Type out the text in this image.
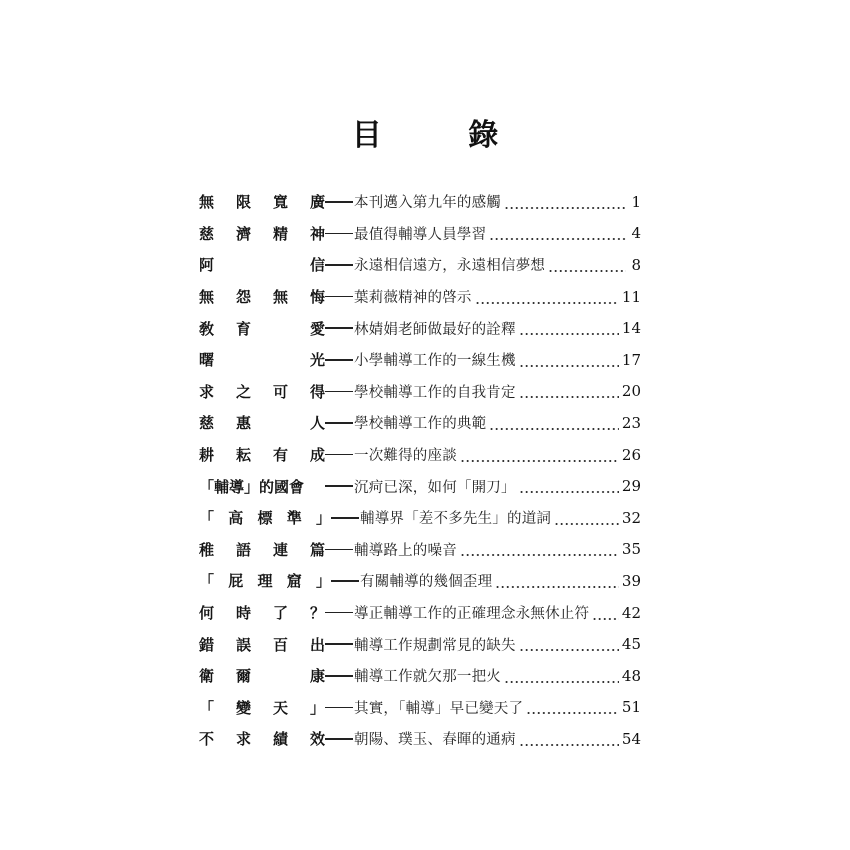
目 錄
無	限	寬	廣 本刊邁入第九年的感觸	1
慈	濟	精	神 最值得輔導人員學習	4
阿	信 永遠相信遠方，永遠相信夢想	8
無	怨	無	悔 葉莉薇精神的啓示	11
敎	育	愛 林婧娟老師做最好的詮釋	14
曙	光 小學輔導工作的一線生機	17
求	之	可	得 學校輔導工作的自我肯定	20
慈	惠	人 學校輔導工作的典範	23
耕	耘	有	成 一次難得的座談	26
「輔導」的國會	沉疴已深，如何「開刀」	29
「 高 標 準 」 輔導界「差不多先生」的道詞	32
稚	語	連	篇 輔導路上的噪音	35
「 屁 理 窟 」 有關輔導的幾個歪理	39
何	時	了	？ 導正輔導工作的正確理念永無休止符 42
錯	誤	百	出 輔導工作規劃常見的缺失	45
衛	爾	康 輔導工作就欠那一把火	48
「	變	天	」 其實，「輔導」早已變天了	51
不	求	績	效 朝陽、璞玉、春暉的通病	54
